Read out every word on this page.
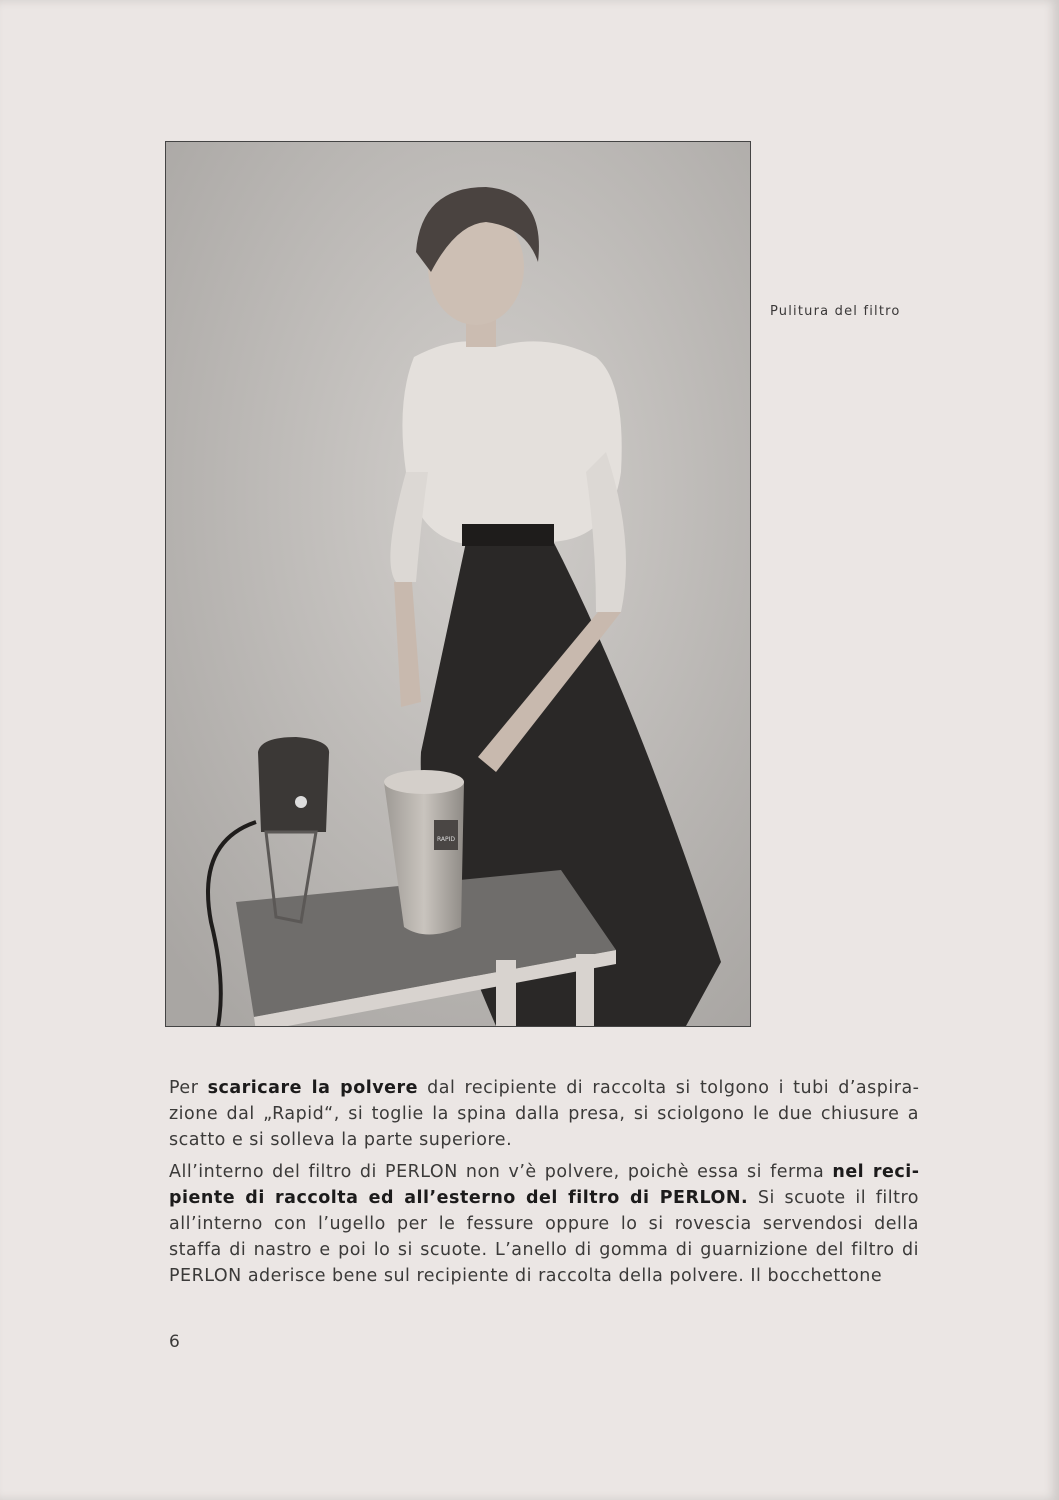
RAPID
Pulitura del filtro

Per scaricare la polvere dal recipiente di raccolta si tolgono i tubi d’aspirazione dal „Rapid“, si toglie la spina dalla presa, si sciolgono le due chiusure a scatto e si solleva la parte superiore.

All’interno del filtro di PERLON non v’è polvere, poichè essa si ferma nel recipiente di raccolta ed all’esterno del filtro di PERLON. Si scuote il filtro all’interno con l’ugello per le fessure oppure lo si rovescia servendosi della staffa di nastro e poi lo si scuote. L’anello di gomma di guarnizione del filtro di PERLON aderisce bene sul recipiente di raccolta della polvere. Il bocchettone

6
